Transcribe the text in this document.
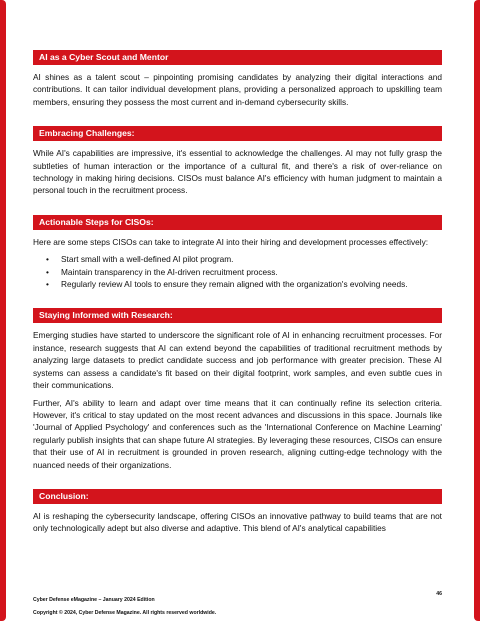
AI as a Cyber Scout and Mentor

AI shines as a talent scout – pinpointing promising candidates by analyzing their digital interactions and contributions. It can tailor individual development plans, providing a personalized approach to upskilling team members, ensuring they possess the most current and in-demand cybersecurity skills.

Embracing Challenges:

While AI's capabilities are impressive, it's essential to acknowledge the challenges. AI may not fully grasp the subtleties of human interaction or the importance of a cultural fit, and there's a risk of over-reliance on technology in making hiring decisions. CISOs must balance AI's efficiency with human judgment to maintain a personal touch in the recruitment process.

Actionable Steps for CISOs:

Here are some steps CISOs can take to integrate AI into their hiring and development processes effectively:

• Start small with a well-defined AI pilot program.
• Maintain transparency in the AI-driven recruitment process.
• Regularly review AI tools to ensure they remain aligned with the organization's evolving needs.
Staying Informed with Research:

Emerging studies have started to underscore the significant role of AI in enhancing recruitment processes. For instance, research suggests that AI can extend beyond the capabilities of traditional recruitment methods by analyzing large datasets to predict candidate success and job performance with greater precision. These AI systems can assess a candidate's fit based on their digital footprint, work samples, and even subtle cues in their communications.

Further, AI's ability to learn and adapt over time means that it can continually refine its selection criteria. However, it's critical to stay updated on the most recent advances and discussions in this space. Journals like 'Journal of Applied Psychology' and conferences such as the 'International Conference on Machine Learning' regularly publish insights that can shape future AI strategies. By leveraging these resources, CISOs can ensure that their use of AI in recruitment is grounded in proven research, aligning cutting-edge technology with the nuanced needs of their organizations.

Conclusion:

AI is reshaping the cybersecurity landscape, offering CISOs an innovative pathway to build teams that are not only technologically adept but also diverse and adaptive. This blend of AI's analytical capabilities

Cyber Defense eMagazine – January 2024 Edition
46
Copyright © 2024, Cyber Defense Magazine. All rights reserved worldwide.
